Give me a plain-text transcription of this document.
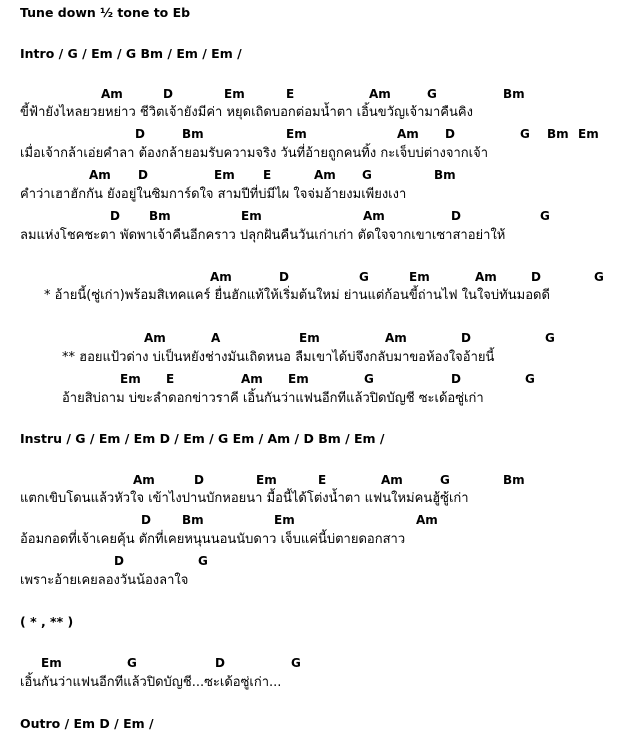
Tune down ½ tone to Eb
Intro / G / Em / G Bm / Em / Em /
ขี้ฟ้ายังไหลยวยหย่าว ชีวิตเจ้ายังมีค่า หยุดเถิดบอกต่อมน้ำตา เอิ้นขวัญเจ้ามาคืนคิง
เมื่อเจ้ากล้าเอ่ยคำลา ต้องกล้ายอมรับความจริง วันที่อ้ายถูกคนทิ้ง กะเจ็บบ่ต่างจากเจ้า
คำว่าเฮาฮักกัน ยังอยู่ในซิมการ์ดใจ สามปีที่บ่มีไผ ใจจ่มอ้ายงมเพียงเงา
ลมแห่งโชคชะตา พัดพาเจ้าคืนอีกคราว ปลุกฝันคืนวันเก่าเก่า ตัดใจจากเขาเซาสาอย่าให้
* อ้ายนี้(ซู่เก่า)พร้อมสิเทคแคร์ ยื่นฮักแท้ให้เริ่มต้นใหม่ ย่านแต่ก้อนขี้ถ่านไฟ ในใจบ่ทันมอดดี
** ฮอยแป้วด่าง บ่เป็นหยังช่างมันเถิดหนอ ลืมเขาได้บ่จึงกลับมาขอห้องใจอ้ายนี้
อ้ายสิบ่ถาม บ่ขะลำดอกข่าวราคี เอิ้นกันว่าแฟนอีกทีแล้วปิดบัญชี ซะเด้อซู่เก่า
Instru / G / Em / Em D / Em / G Em / Am / D Bm / Em /
แตกเขิบโดนแล้วหัวใจ เข้าไงปานบักหอยนา มื้อนี้ได้โต่งน้ำตา แฟนใหม่คนฮู้ซู้เก่า
อ้อมกอดที่เจ้าเคยคุ้น ตักที่เคยหนุนนอนนับดาว เจ็บแค่นี้บ่ตายดอกสาว
เพราะอ้ายเคยลองวันน้องลาใจ
( * , ** )
เอิ้นกันว่าแฟนอีกทีแล้วปิดบัญชี...ซะเด้อซู่เก่า...
Outro / Em D / Em /
Am	D	Em	E	Am	G	Bm
D	Bm	Em	Am D	G Bm Em
Am D	Em E	Am G	Bm
D Bm	Em	Am	D	G
Am	D	G	Em	Am	D	G
Am	A	Em	Am	D	G
Em E	Am Em	G	D	G
Am	D	Em	E	Am	G	Bm
D	Bm	Em	Am
D	G
Em	G	D	G
